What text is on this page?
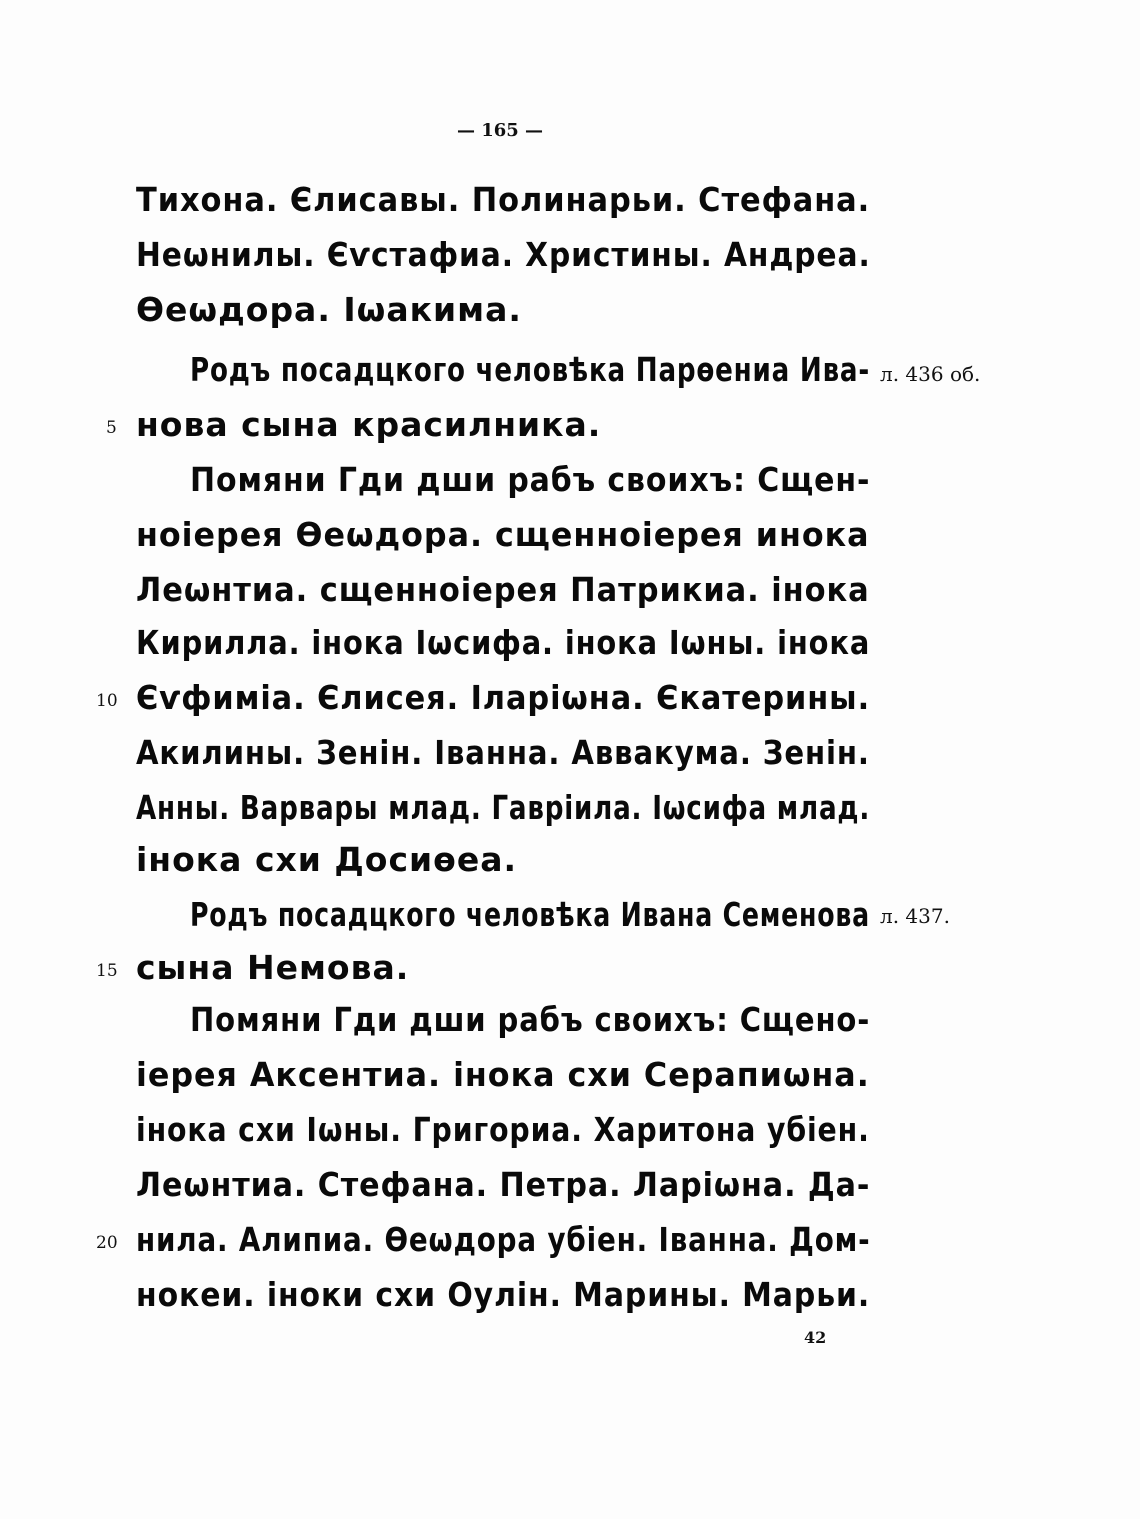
— 165 —
Тихона. Єлисавы. Полинарьи. Стефана.
Неѡнилы. Єѵстафиа. Христины. Андреа.
Ѳеѡдора. Іѡакима.
Родъ посадцкого человѣка Парѳениа Ива-
нова сына красилника.
Помяни Гди дши рабъ своихъ: Сщен-
ноіерея Ѳеѡдора. сщенноіерея инока
Леѡнтиа. сщенноіерея Патрикиа. інока
Кирилла. інока Іѡсифа. інока Іѡны. інока
Єѵфиміа. Єлисея. Іларіѡна. Єкатерины.
Акилины. Зенін. Іванна. Аввакума. Зенін.
Анны. Варвары млад. Гавріила. Іѡсифа млад.
інока схи Досиѳеа.
Родъ посадцкого человѣка Ивана Семенова
сына Немова.
Помяни Гди дши рабъ своихъ: Сщено-
іерея Аксентиа. інока схи Серапиѡна.
інока схи Іѡны. Григориа. Харитона убіен.
Леѡнтиа. Стефана. Петра. Ларіѡна. Да-
нила. Алипиа. Ѳеѡдора убіен. Іванна. Дом-
нокеи. іноки схи Оулін. Марины. Марьи.
5
10
15
20
л. 436 об.
л. 437.
42
